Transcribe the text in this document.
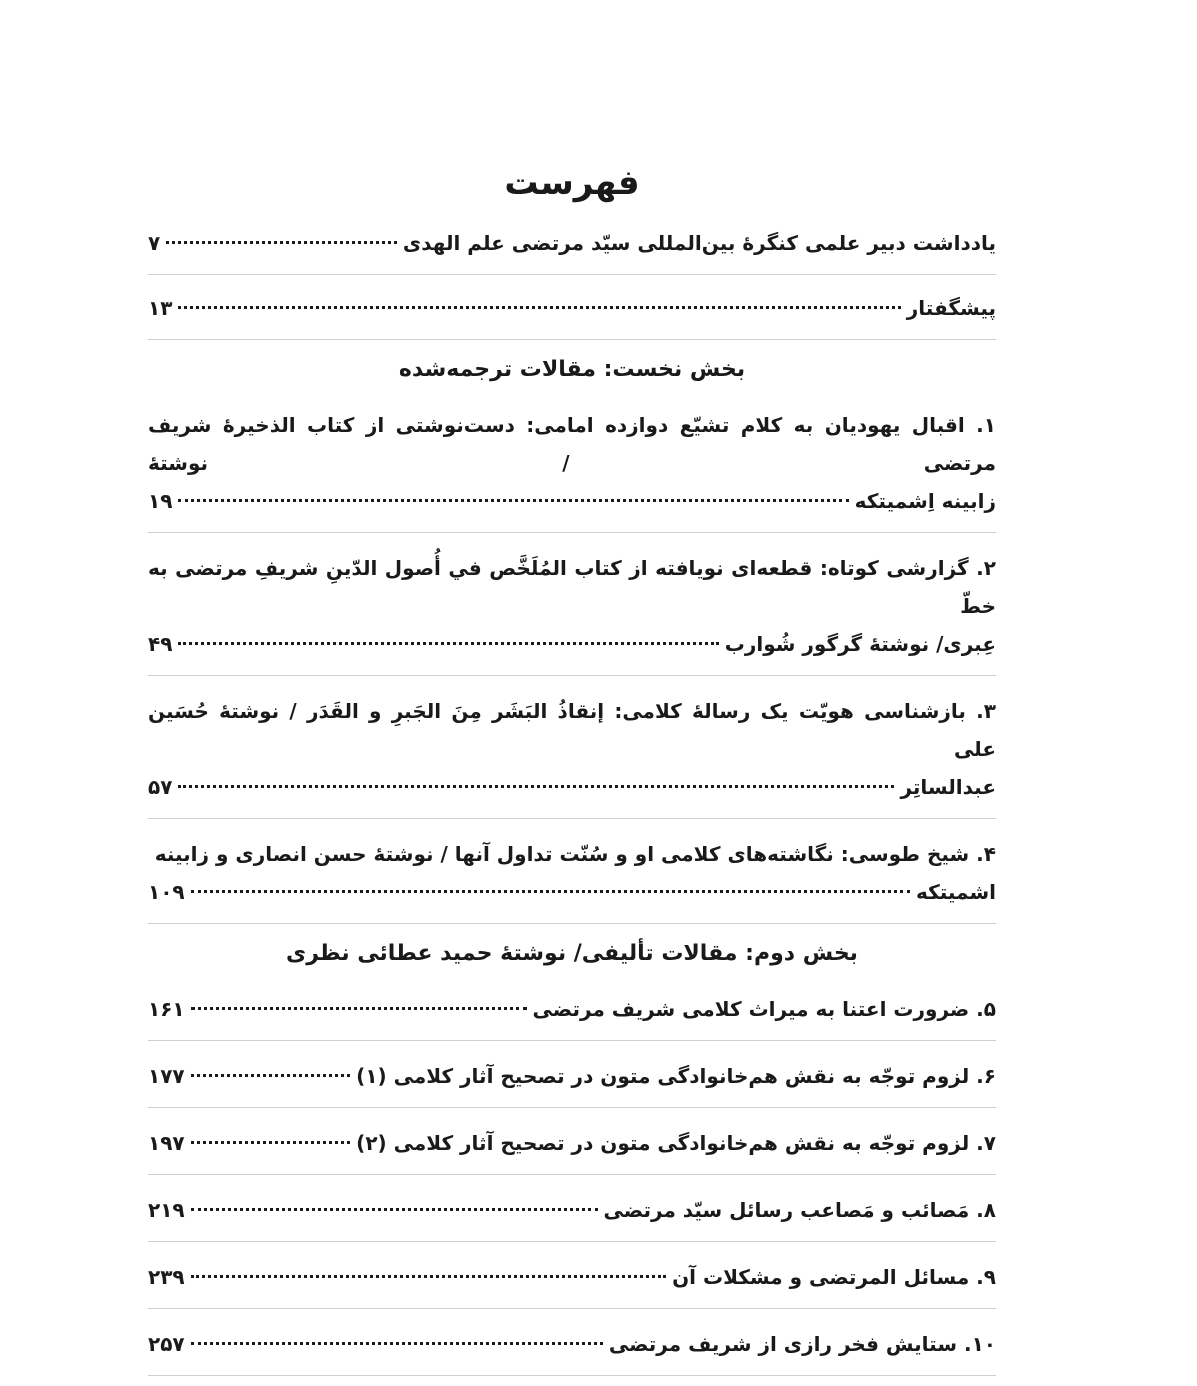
فهرست
یادداشت دبیر علمی کنگرهٔ بین‌المللی سیّد مرتضی علم الهدی
۷
پیشگفتار
۱۳
بخش نخست: مقالات ترجمه‌شده
۱. اقبال یهودیان به کلام تشیّع دوازده امامی: دست‌نوشتی از کتاب الذخیرهٔ شریف مرتضی / نوشتهٔ
زابینه اِشمیتکه
۱۹
۲. گزارشی کوتاه: قطعه‌ای نویافته از کتاب المُلَخَّص في أُصول الدّینِ شریفِ مرتضی به خطّ
عِبری/ نوشتهٔ گرگور شُوارب
۴۹
۳. بازشناسی هویّت یک رسالهٔ کلامی: إنقاذُ البَشَر مِنَ الجَبرِ و القَدَر / نوشتهٔ حُسَین علی
عبدالساتِر
۵۷
۴. شیخ طوسی: نگاشته‌های کلامی او و سُنّت تداول آنها / نوشتهٔ حسن انصاری و زابینه
اشمیتکه
۱۰۹
بخش دوم: مقالات تألیفی/ نوشتهٔ حمید عطائی نظری
۵. ضرورت اعتنا به میراث کلامی شریف مرتضی
۱۶۱
۶. لزوم توجّه به نقش هم‌خانوادگی متون در تصحیح آثار کلامی (۱)
۱۷۷
۷. لزوم توجّه به نقش هم‌خانوادگی متون در تصحیح آثار کلامی (۲)
۱۹۷
۸. مَصائب و مَصاعب رسائل سیّد مرتضی
۲۱۹
۹. مسائل المرتضی و مشکلات آن
۲۳۹
۱۰. ستایش فخر رازی از شریف مرتضی
۲۵۷
